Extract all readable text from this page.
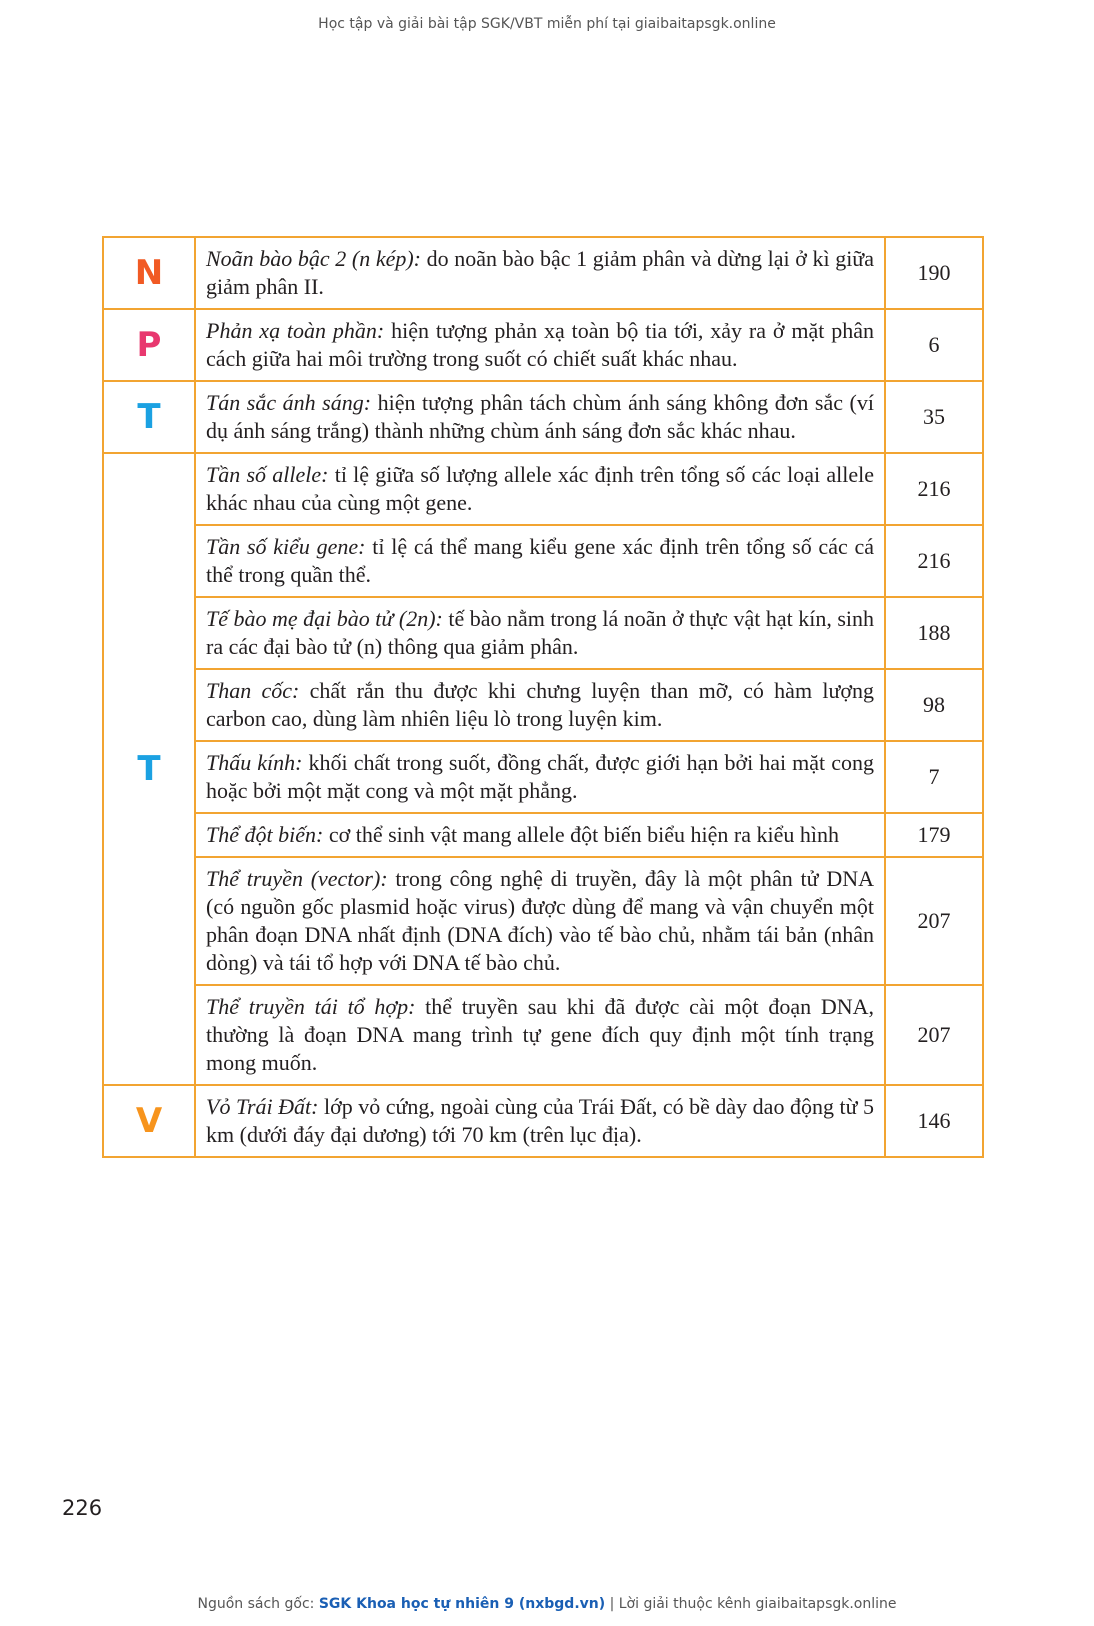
Học tập và giải bài tập SGK/VBT miễn phí tại giaibaitapsgk.online
N	Noãn bào bậc 2 (n kép): do noãn bào bậc 1 giảm phân và dừng lại ở kì giữa giảm phân II.	190
P	Phản xạ toàn phần: hiện tượng phản xạ toàn bộ tia tới, xảy ra ở mặt phân cách giữa hai môi trường trong suốt có chiết suất khác nhau.	6
T	Tán sắc ánh sáng: hiện tượng phân tách chùm ánh sáng không đơn sắc (ví dụ ánh sáng trắng) thành những chùm ánh sáng đơn sắc khác nhau.	35
T	Tần số allele: tỉ lệ giữa số lượng allele xác định trên tổng số các loại allele khác nhau của cùng một gene.	216
	Tần số kiểu gene: tỉ lệ cá thể mang kiểu gene xác định trên tổng số các cá thể trong quần thể.	216
	Tế bào mẹ đại bào tử (2n): tế bào nằm trong lá noãn ở thực vật hạt kín, sinh ra các đại bào tử (n) thông qua giảm phân.	188
	Than cốc: chất rắn thu được khi chưng luyện than mỡ, có hàm lượng carbon cao, dùng làm nhiên liệu lò trong luyện kim.	98
	Thấu kính: khối chất trong suốt, đồng chất, được giới hạn bởi hai mặt cong hoặc bởi một mặt cong và một mặt phẳng.	7
	Thể đột biến: cơ thể sinh vật mang allele đột biến biểu hiện ra kiểu hình	179
	Thể truyền (vector): trong công nghệ di truyền, đây là một phân tử DNA (có nguồn gốc plasmid hoặc virus) được dùng để mang và vận chuyển một phân đoạn DNA nhất định (DNA đích) vào tế bào chủ, nhằm tái bản (nhân dòng) và tái tổ hợp với DNA tế bào chủ.	207
	Thể truyền tái tổ hợp: thể truyền sau khi đã được cài một đoạn DNA, thường là đoạn DNA mang trình tự gene đích quy định một tính trạng mong muốn.	207
V	Vỏ Trái Đất: lớp vỏ cứng, ngoài cùng của Trái Đất, có bề dày dao động từ 5 km (dưới đáy đại dương) tới 70 km (trên lục địa).	146
226
Nguồn sách gốc: SGK Khoa học tự nhiên 9 (nxbgd.vn) | Lời giải thuộc kênh giaibaitapsgk.online
